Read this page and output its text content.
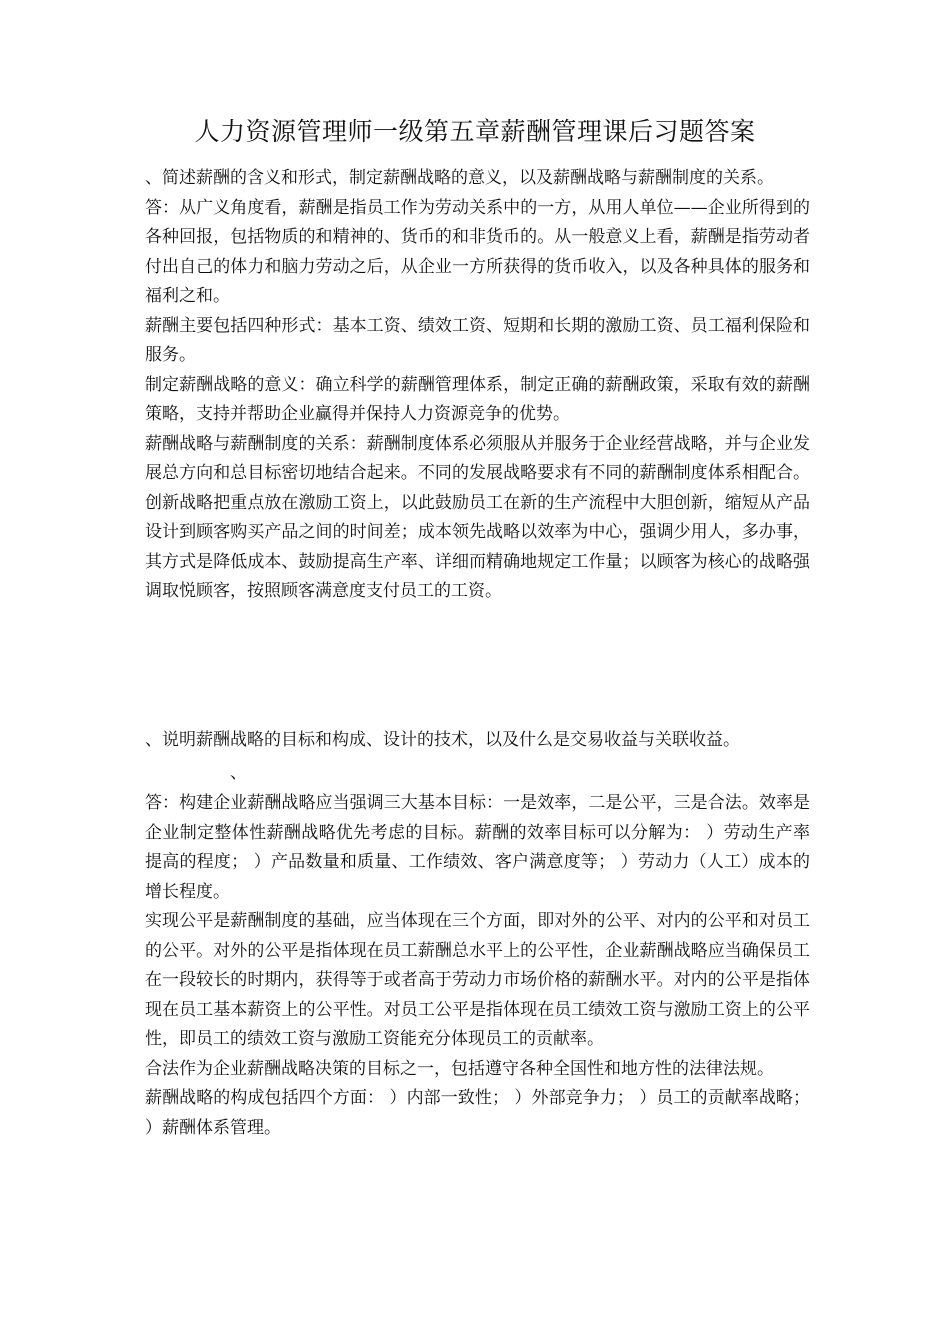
人力资源管理师一级第五章薪酬管理课后习题答案

、简述薪酬的含义和形式，制定薪酬战略的意义，以及薪酬战略与薪酬制度的关系。

答：从广义角度看，薪酬是指员工作为劳动关系中的一方，从用人单位——企业所得到的各种回报，包括物质的和精神的、货币的和非货币的。从一般意义上看，薪酬是指劳动者付出自己的体力和脑力劳动之后，从企业一方所获得的货币收入，以及各种具体的服务和福利之和。

薪酬主要包括四种形式：基本工资、绩效工资、短期和长期的激励工资、员工福利保险和服务。

制定薪酬战略的意义：确立科学的薪酬管理体系，制定正确的薪酬政策，采取有效的薪酬策略，支持并帮助企业赢得并保持人力资源竞争的优势。

薪酬战略与薪酬制度的关系：薪酬制度体系必须服从并服务于企业经营战略，并与企业发展总方向和总目标密切地结合起来。不同的发展战略要求有不同的薪酬制度体系相配合。创新战略把重点放在激励工资上，以此鼓励员工在新的生产流程中大胆创新，缩短从产品设计到顾客购买产品之间的时间差；成本领先战略以效率为中心，强调少用人，多办事，其方式是降低成本、鼓励提高生产率、详细而精确地规定工作量；以顾客为核心的战略强调取悦顾客，按照顾客满意度支付员工的工资。

、说明薪酬战略的目标和构成、设计的技术，以及什么是交易收益与关联收益。
、

答：构建企业薪酬战略应当强调三大基本目标：一是效率，二是公平，三是合法。效率是企业制定整体性薪酬战略优先考虑的目标。薪酬的效率目标可以分解为： ）劳动生产率提高的程度； ）产品数量和质量、工作绩效、客户满意度等； ）劳动力（人工）成本的增长程度。

实现公平是薪酬制度的基础，应当体现在三个方面，即对外的公平、对内的公平和对员工的公平。对外的公平是指体现在员工薪酬总水平上的公平性，企业薪酬战略应当确保员工在一段较长的时期内，获得等于或者高于劳动力市场价格的薪酬水平。对内的公平是指体现在员工基本薪资上的公平性。对员工公平是指体现在员工绩效工资与激励工资上的公平性，即员工的绩效工资与激励工资能充分体现员工的贡献率。

合法作为企业薪酬战略决策的目标之一，包括遵守各种全国性和地方性的法律法规。

薪酬战略的构成包括四个方面： ）内部一致性； ）外部竞争力； ）员工的贡献率战略； ）薪酬体系管理。
